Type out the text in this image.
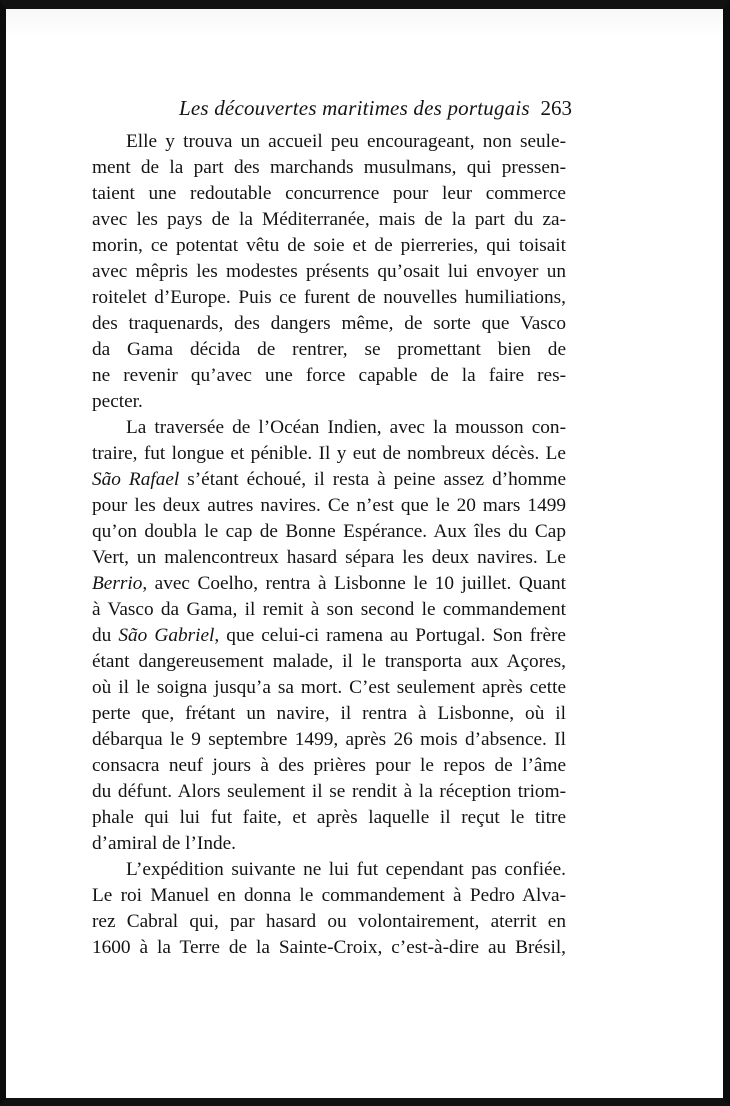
Les découvertes maritimes des portugais 263
Elle y trouva un accueil peu encourageant, non seule-
ment de la part des marchands musulmans, qui pressen-
taient une redoutable concurrence pour leur commerce
avec les pays de la Méditerranée, mais de la part du za-
morin, ce potentat vêtu de soie et de pierreries, qui toisait
avec mêpris les modestes présents qu’osait lui envoyer un
roitelet d’Europe. Puis ce furent de nouvelles humiliations,
des traquenards, des dangers même, de sorte que Vasco
da Gama décida de rentrer, se promettant bien de
ne revenir qu’avec une force capable de la faire res-
pecter.
La traversée de l’Océan Indien, avec la mousson con-
traire, fut longue et pénible. Il y eut de nombreux décès. Le
São Rafael s’étant échoué, il resta à peine assez d’homme
pour les deux autres navires. Ce n’est que le 20 mars 1499
qu’on doubla le cap de Bonne Espérance. Aux îles du Cap
Vert, un malencontreux hasard sépara les deux navires. Le
Berrio, avec Coelho, rentra à Lisbonne le 10 juillet. Quant
à Vasco da Gama, il remit à son second le commandement
du São Gabriel, que celui-ci ramena au Portugal. Son frère
étant dangereusement malade, il le transporta aux Açores,
où il le soigna jusqu’a sa mort. C’est seulement après cette
perte que, frétant un navire, il rentra à Lisbonne, où il
débarqua le 9 septembre 1499, après 26 mois d’absence. Il
consacra neuf jours à des prières pour le repos de l’âme
du défunt. Alors seulement il se rendit à la réception triom-
phale qui lui fut faite, et après laquelle il reçut le titre
d’amiral de l’Inde.
L’expédition suivante ne lui fut cependant pas confiée.
Le roi Manuel en donna le commandement à Pedro Alva-
rez Cabral qui, par hasard ou volontairement, aterrit en
1600 à la Terre de la Sainte-Croix, c’est-à-dire au Brésil,
